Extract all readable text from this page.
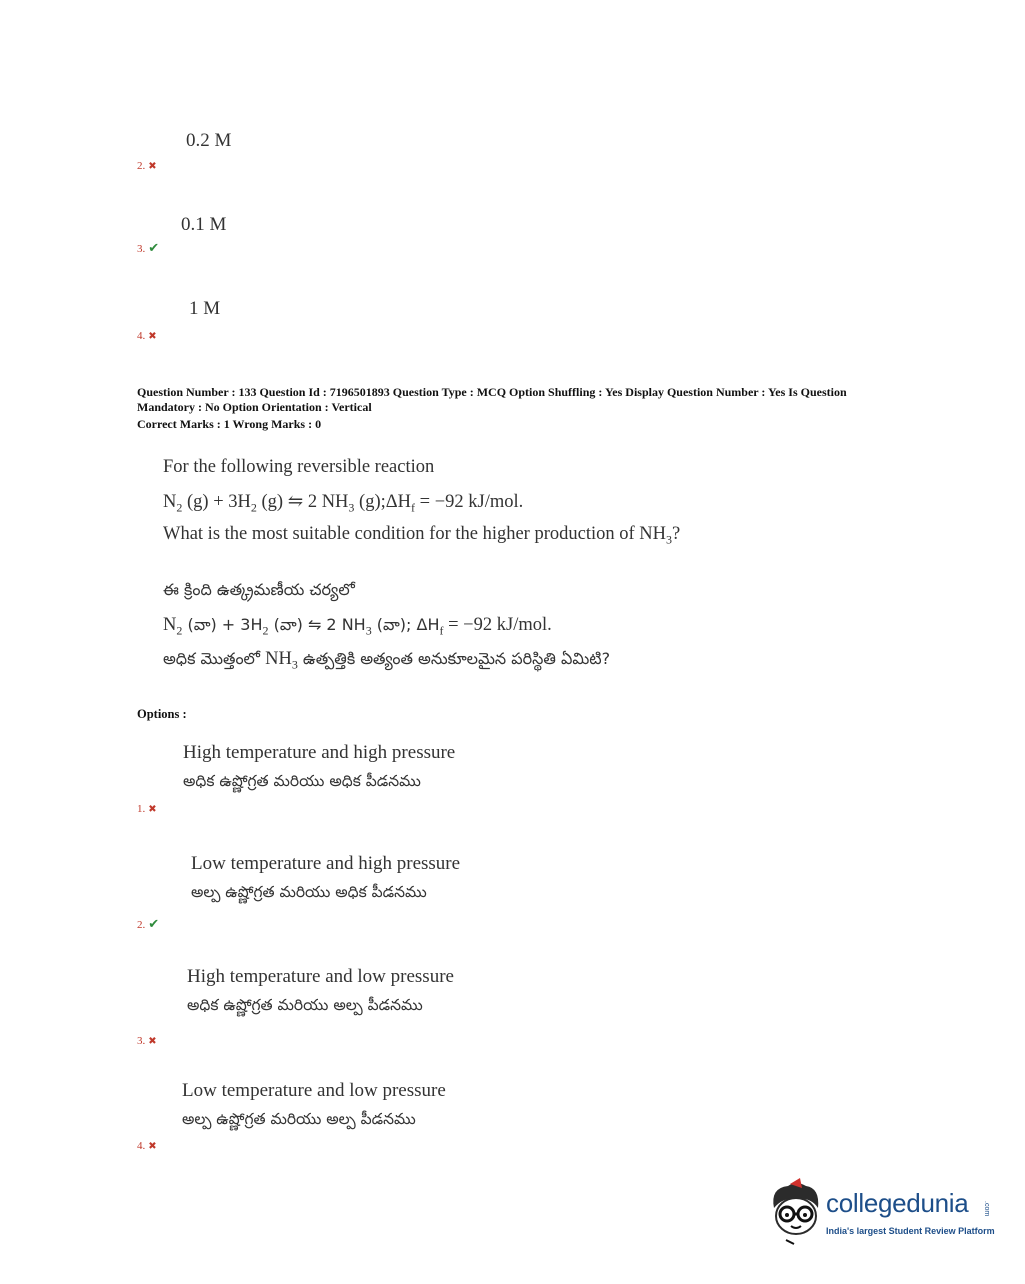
0.2 M
2. ✖
0.1 M
3. ✔
1 M
4. ✖
Question Number : 133 Question Id : 7196501893 Question Type : MCQ Option Shuffling : Yes Display Question Number : Yes Is Question Mandatory : No Option Orientation : Vertical
Correct Marks : 1 Wrong Marks : 0
For the following reversible reaction
$N_2$ $(g) + 3H_2$ (g) ⇋ 2 $NH_3$ $(g);\Delta H_f = -92$ kJ/mol.
What is the most suitable condition for the higher production of $NH_3$?
ఈ క్రింది ఉత్క్రమణీయ చర్యలో
$N_2$ (వా) + $3H_2$ (వా) ⇋ 2 $NH_3$ (వా); $\Delta H_f = -92$ kJ/mol.
అధిక మొత్తంలో $NH_3$ ఉత్పత్తికి అత్యంత అనుకూలమైన పరిస్థితి ఏమిటి?
Options :
High temperature and high pressure
అధిక ఉష్ణోగ్రత మరియు అధిక పీడనము
1. ✖
Low temperature and high pressure
అల్ప ఉష్ణోగ్రత మరియు అధిక పీడనము
2. ✔
High temperature and low pressure
అధిక ఉష్ణోగ్రత మరియు అల్ప పీడనము
3. ✖
Low temperature and low pressure
అల్ప ఉష్ణోగ్రత మరియు అల్ప పీడనము
4. ✖
collegedunia .com
India's largest Student Review Platform
